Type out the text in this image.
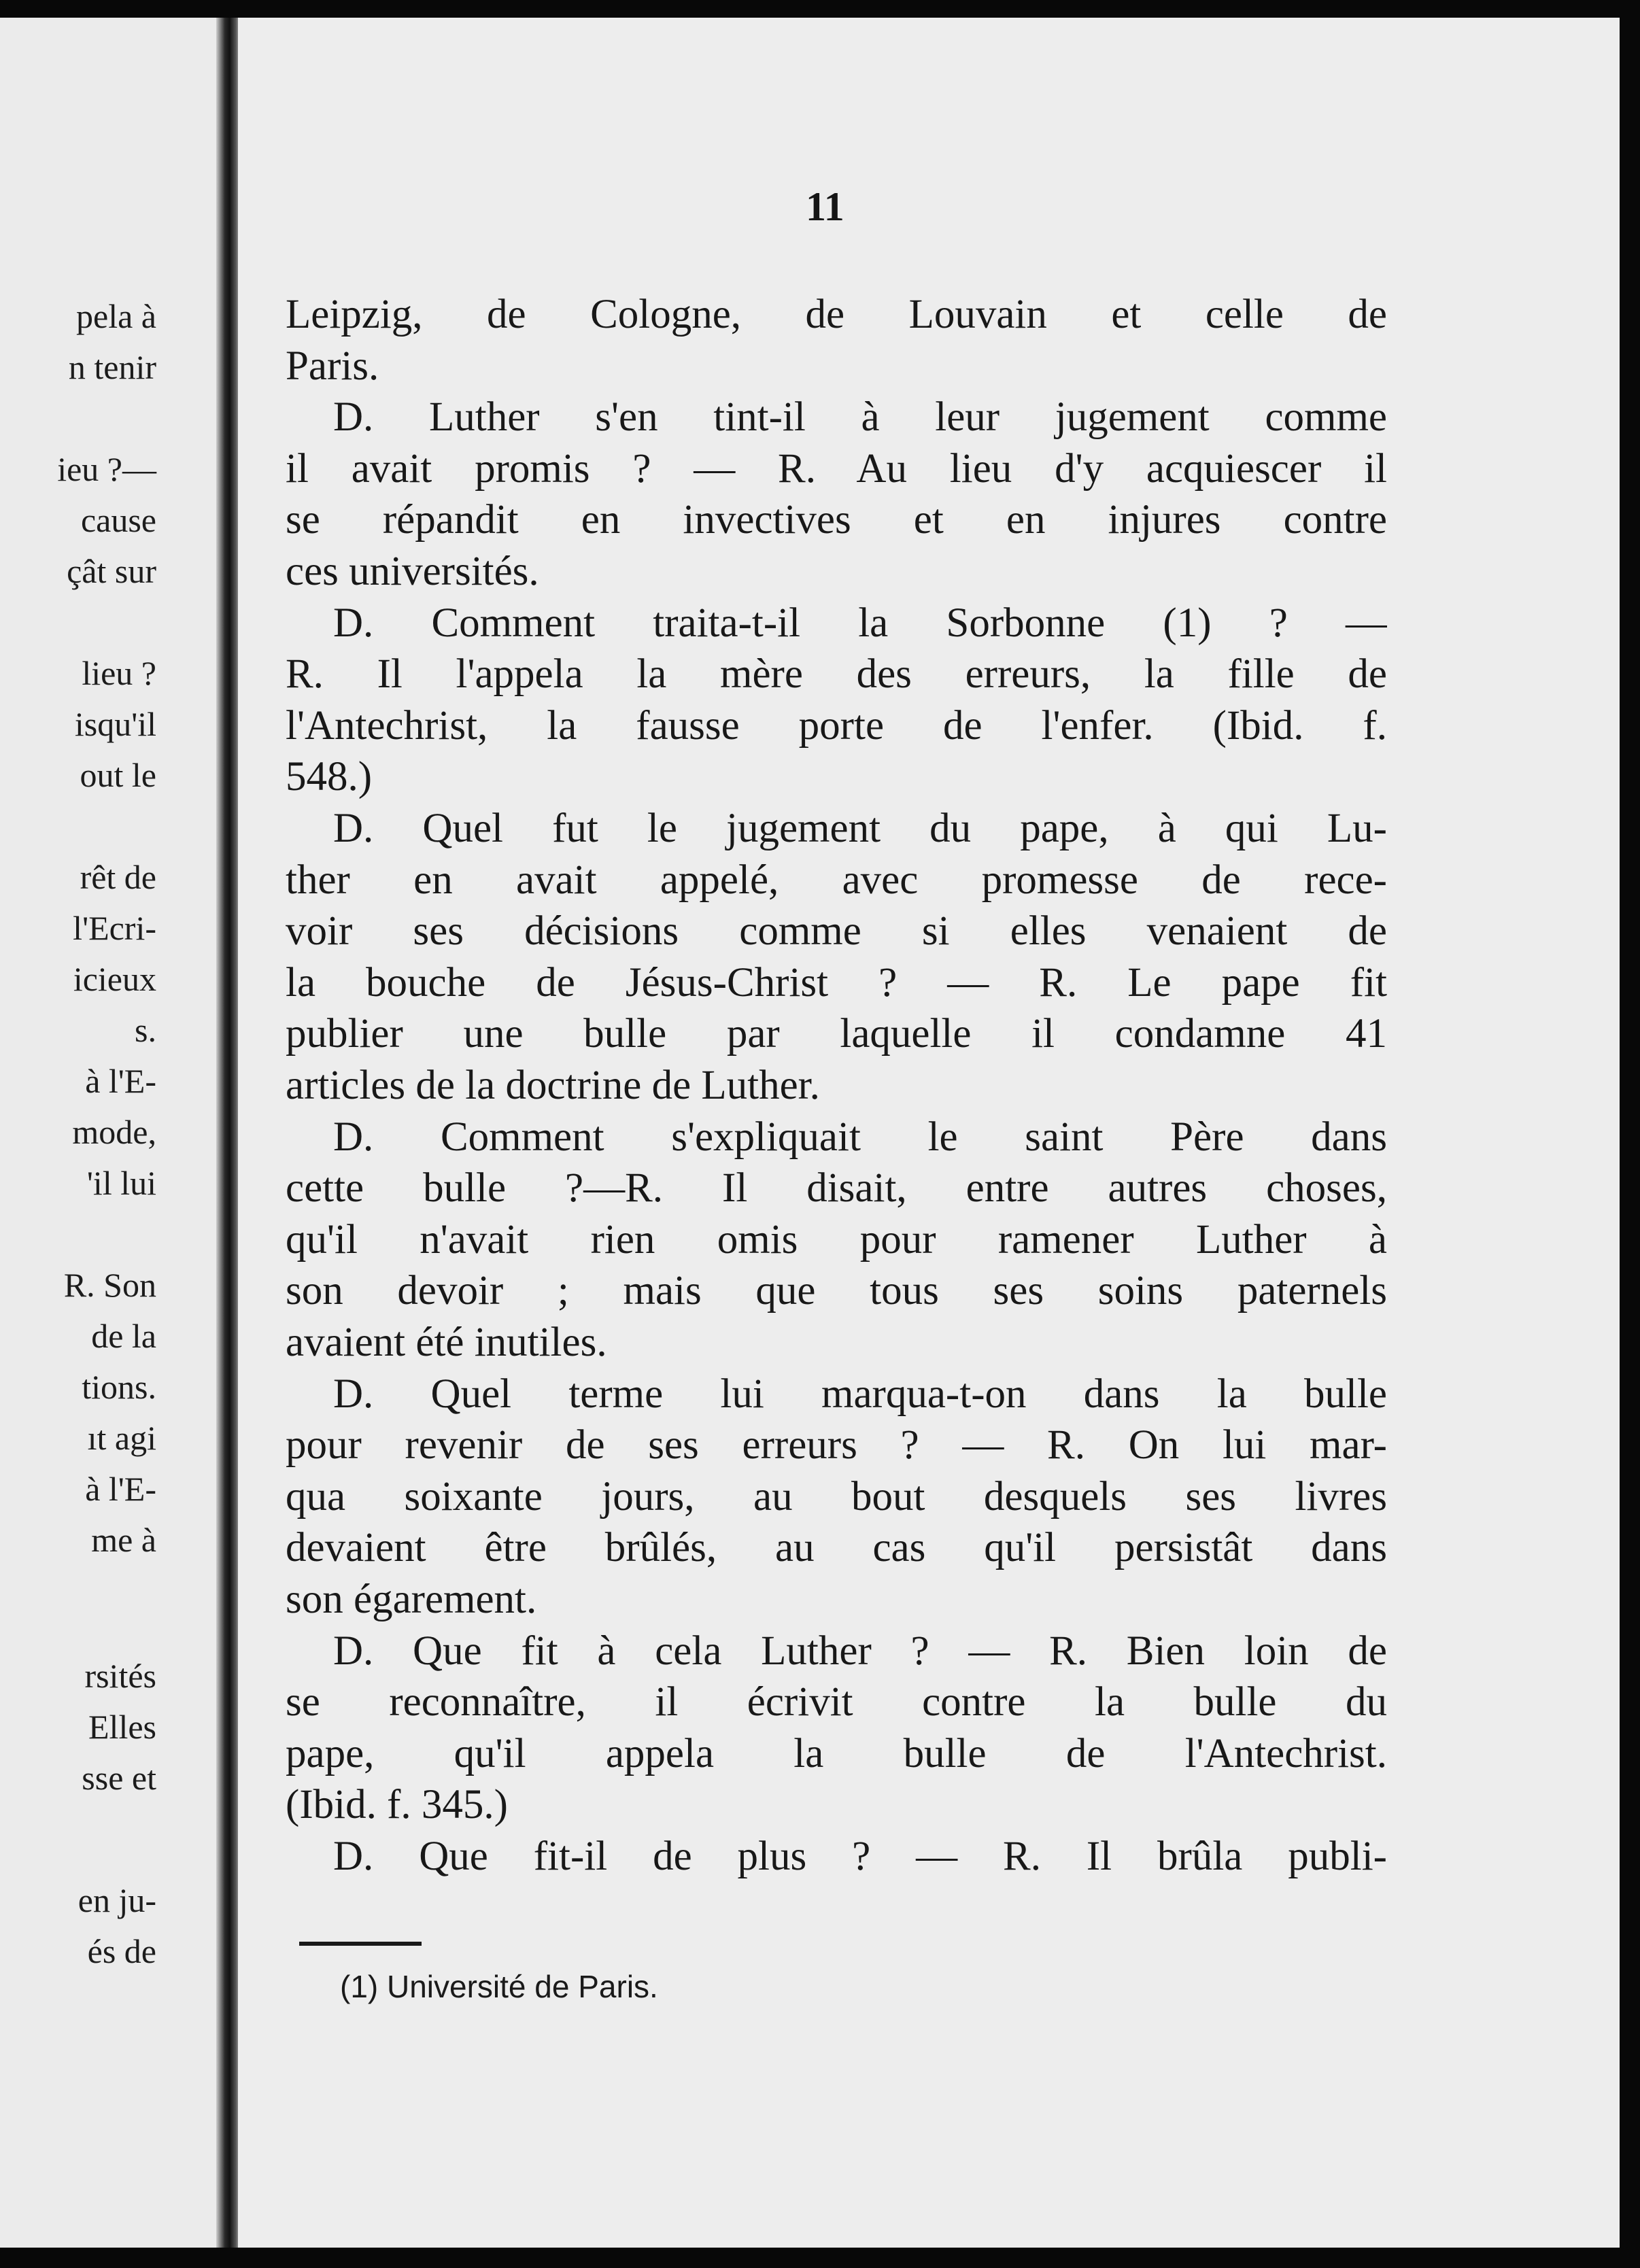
pela à
n tenir
ieu ?—
cause
çât sur
lieu ?
isqu'il
out le
rêt de
l'Ecri-
icieux
s.
à l'E-
mode,
'il lui
R. Son
de la
tions.
ıt agi
à l'E-
me à
rsités
Elles
sse et
en ju-
és de
11
Leipzig, de Cologne, de Louvain et celle de
Paris.
D. Luther s'en tint-il à leur jugement comme
il avait promis ? — R. Au lieu d'y acquiescer il
se répandit en invectives et en injures contre
ces universités.
D. Comment traita-t-il la Sorbonne (1) ? —
R. Il l'appela la mère des erreurs, la fille de
l'Antechrist, la fausse porte de l'enfer. (Ibid. f.
548.)
D. Quel fut le jugement du pape, à qui Lu-
ther en avait appelé, avec promesse de rece-
voir ses décisions comme si elles venaient de
la bouche de Jésus-Christ ? — R. Le pape fit
publier une bulle par laquelle il condamne 41
articles de la doctrine de Luther.
D. Comment s'expliquait le saint Père dans
cette bulle ?—R. Il disait, entre autres choses,
qu'il n'avait rien omis pour ramener Luther à
son devoir ; mais que tous ses soins paternels
avaient été inutiles.
D. Quel terme lui marqua-t-on dans la bulle
pour revenir de ses erreurs ? — R. On lui mar-
qua soixante jours, au bout desquels ses livres
devaient être brûlés, au cas qu'il persistât dans
son égarement.
D. Que fit à cela Luther ? — R. Bien loin de
se reconnaître, il écrivit contre la bulle du
pape, qu'il appela la bulle de l'Antechrist.
(Ibid. f. 345.)
D. Que fit-il de plus ? — R. Il brûla publi-
(1) Université de Paris.
